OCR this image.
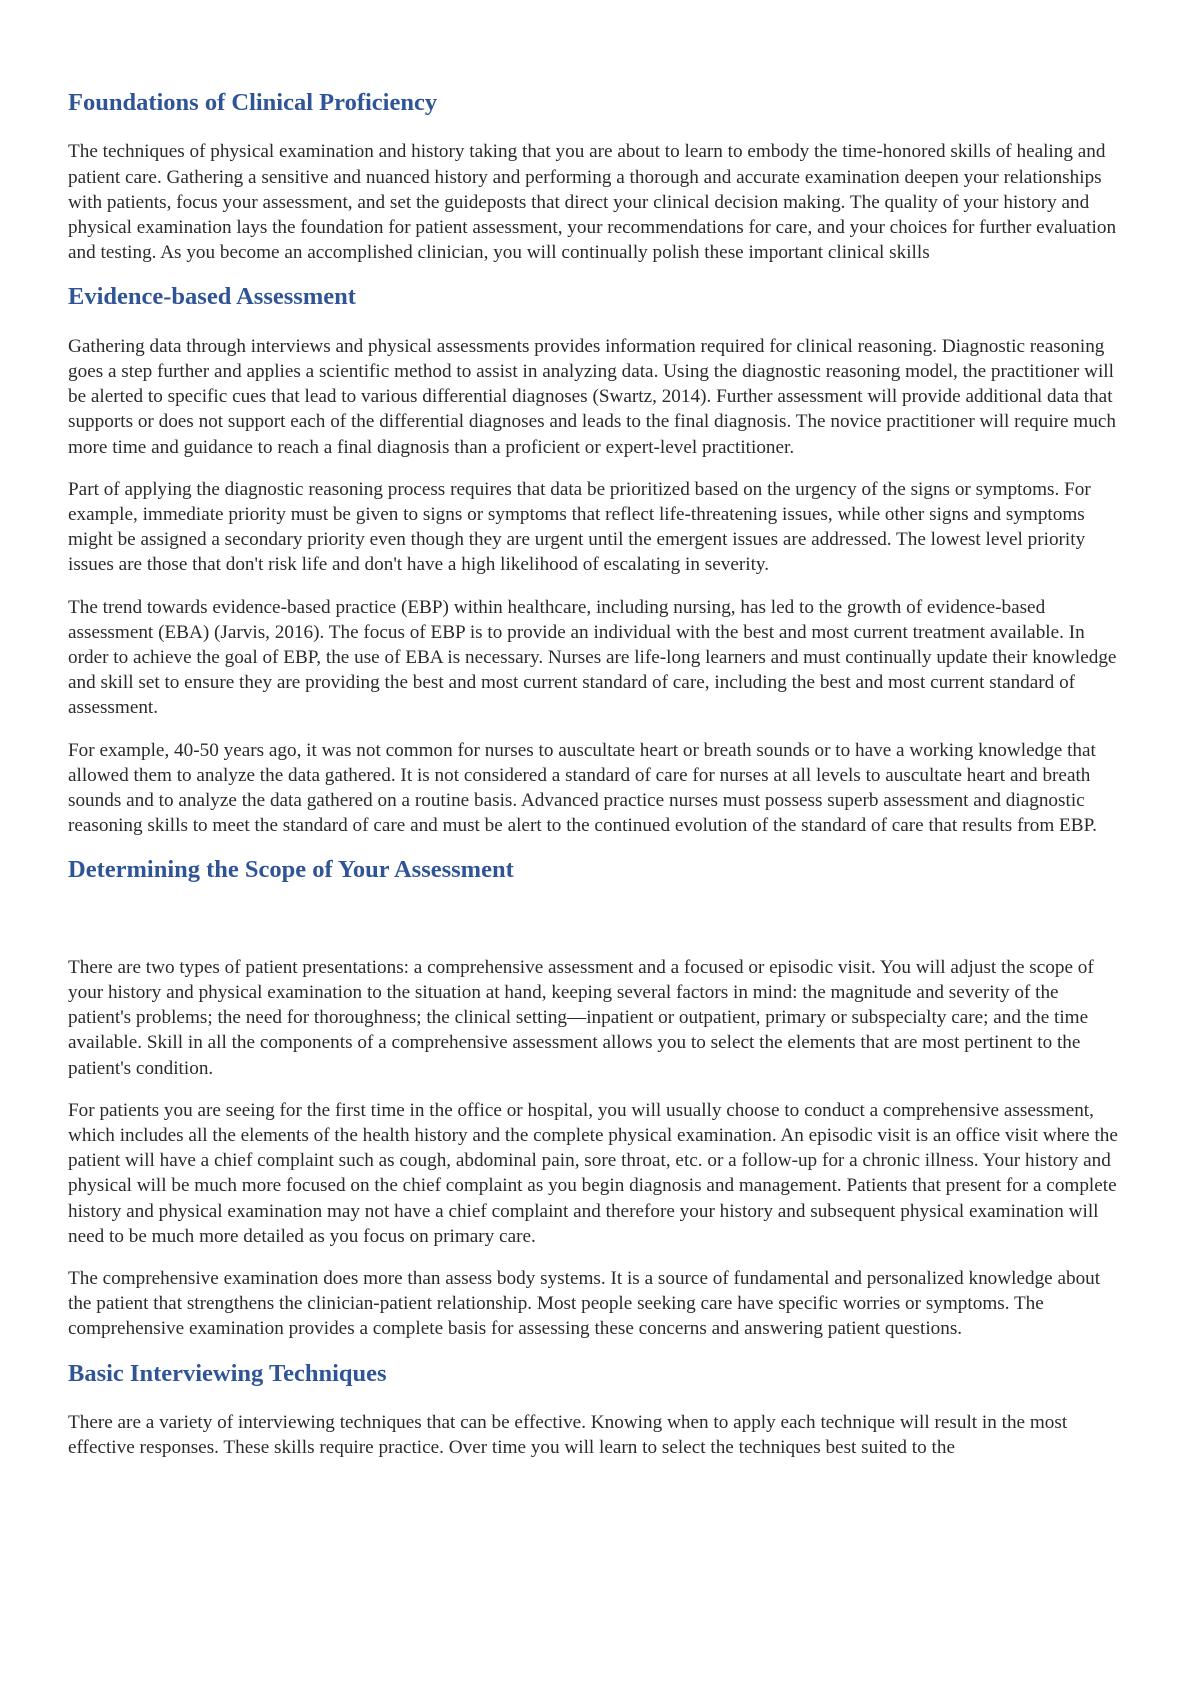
Foundations of Clinical Proficiency

The techniques of physical examination and history taking that you are about to learn to embody the time-honored skills of healing and patient care. Gathering a sensitive and nuanced history and performing a thorough and accurate examination deepen your relationships with patients, focus your assessment, and set the guideposts that direct your clinical decision making. The quality of your history and physical examination lays the foundation for patient assessment, your recommendations for care, and your choices for further evaluation and testing. As you become an accomplished clinician, you will continually polish these important clinical skills

Evidence-based Assessment

Gathering data through interviews and physical assessments provides information required for clinical reasoning. Diagnostic reasoning goes a step further and applies a scientific method to assist in analyzing data. Using the diagnostic reasoning model, the practitioner will be alerted to specific cues that lead to various differential diagnoses (Swartz, 2014). Further assessment will provide additional data that supports or does not support each of the differential diagnoses and leads to the final diagnosis. The novice practitioner will require much more time and guidance to reach a final diagnosis than a proficient or expert-level practitioner.

Part of applying the diagnostic reasoning process requires that data be prioritized based on the urgency of the signs or symptoms. For example, immediate priority must be given to signs or symptoms that reflect life-threatening issues, while other signs and symptoms might be assigned a secondary priority even though they are urgent until the emergent issues are addressed. The lowest level priority issues are those that don't risk life and don't have a high likelihood of escalating in severity.

The trend towards evidence-based practice (EBP) within healthcare, including nursing, has led to the growth of evidence-based assessment (EBA) (Jarvis, 2016). The focus of EBP is to provide an individual with the best and most current treatment available. In order to achieve the goal of EBP, the use of EBA is necessary. Nurses are life-long learners and must continually update their knowledge and skill set to ensure they are providing the best and most current standard of care, including the best and most current standard of assessment.

For example, 40-50 years ago, it was not common for nurses to auscultate heart or breath sounds or to have a working knowledge that allowed them to analyze the data gathered. It is not considered a standard of care for nurses at all levels to auscultate heart and breath sounds and to analyze the data gathered on a routine basis. Advanced practice nurses must possess superb assessment and diagnostic reasoning skills to meet the standard of care and must be alert to the continued evolution of the standard of care that results from EBP.

Determining the Scope of Your Assessment

There are two types of patient presentations: a comprehensive assessment and a focused or episodic visit. You will adjust the scope of your history and physical examination to the situation at hand, keeping several factors in mind: the magnitude and severity of the patient's problems; the need for thoroughness; the clinical setting—inpatient or outpatient, primary or subspecialty care; and the time available. Skill in all the components of a comprehensive assessment allows you to select the elements that are most pertinent to the patient's condition.

For patients you are seeing for the first time in the office or hospital, you will usually choose to conduct a comprehensive assessment, which includes all the elements of the health history and the complete physical examination. An episodic visit is an office visit where the patient will have a chief complaint such as cough, abdominal pain, sore throat, etc. or a follow-up for a chronic illness. Your history and physical will be much more focused on the chief complaint as you begin diagnosis and management. Patients that present for a complete history and physical examination may not have a chief complaint and therefore your history and subsequent physical examination will need to be much more detailed as you focus on primary care.

The comprehensive examination does more than assess body systems. It is a source of fundamental and personalized knowledge about the patient that strengthens the clinician-patient relationship. Most people seeking care have specific worries or symptoms. The comprehensive examination provides a complete basis for assessing these concerns and answering patient questions.

Basic Interviewing Techniques

There are a variety of interviewing techniques that can be effective. Knowing when to apply each technique will result in the most effective responses. These skills require practice. Over time you will learn to select the techniques best suited to the
